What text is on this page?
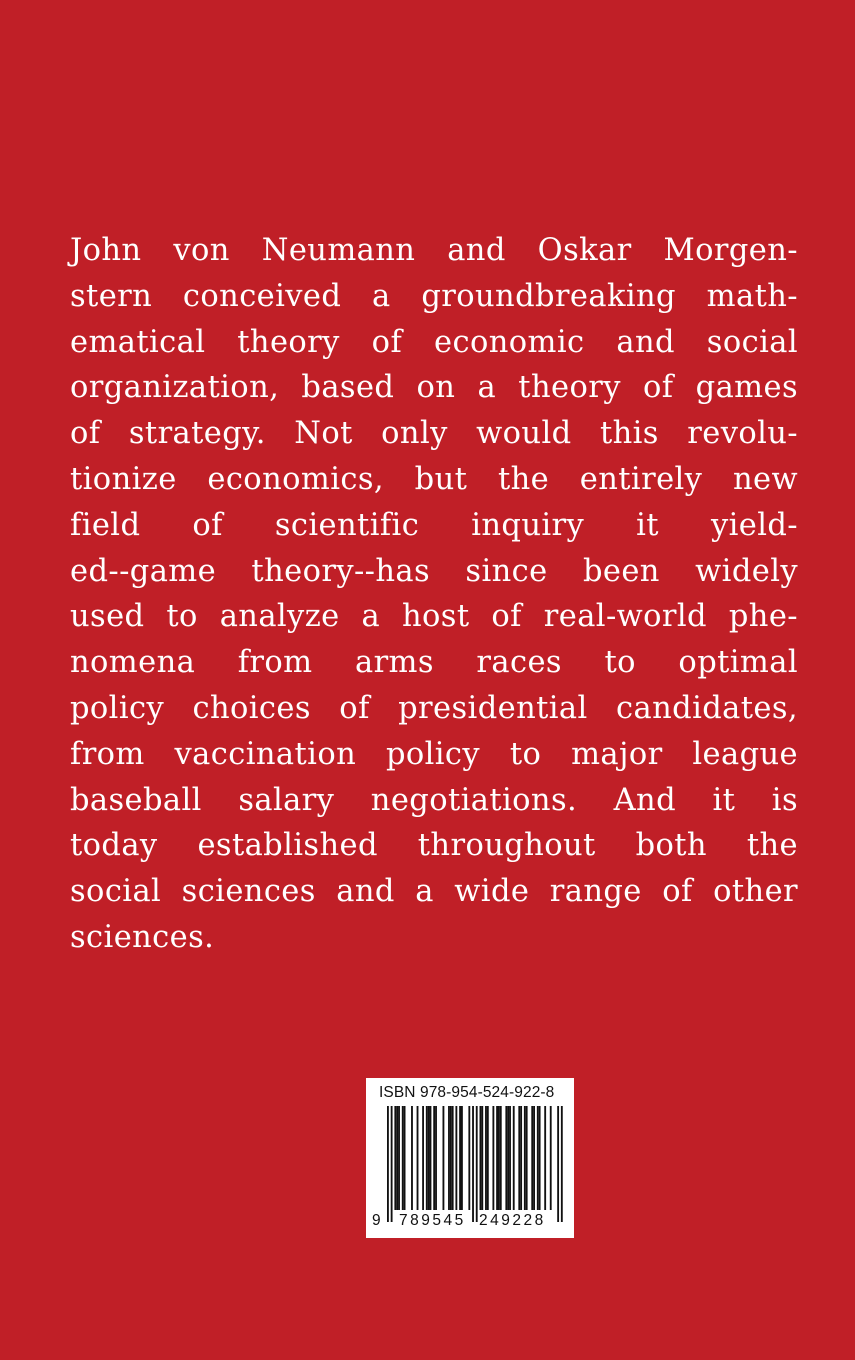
John von Neumann and Oskar Morgen-
stern conceived a groundbreaking math-
ematical theory of economic and social
organization, based on a theory of games
of strategy. Not only would this revolu-
tionize economics, but the entirely new
field of scientific inquiry it yield-
ed--game theory--has since been widely
used to analyze a host of real-world phe-
nomena from arms races to optimal
policy choices of presidential candidates,
from vaccination policy to major league
baseball salary negotiations. And it is
today established throughout both the
social sciences and a wide range of other
sciences.
ISBN 978-954-524-922-8
9 789545 249228
